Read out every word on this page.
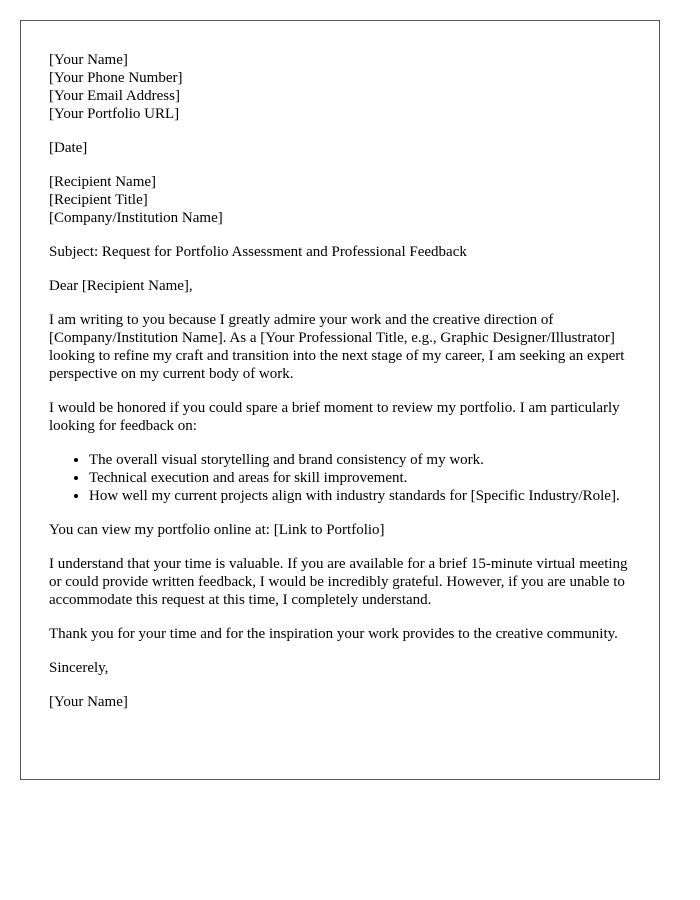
[Your Name]
[Your Phone Number]
[Your Email Address]
[Your Portfolio URL]

[Date]

[Recipient Name]
[Recipient Title]
[Company/Institution Name]

Subject: Request for Portfolio Assessment and Professional Feedback

Dear [Recipient Name],

I am writing to you because I greatly admire your work and the creative direction of [Company/Institution Name]. As a [Your Professional Title, e.g., Graphic Designer/Illustrator] looking to refine my craft and transition into the next stage of my career, I am seeking an expert perspective on my current body of work.

I would be honored if you could spare a brief moment to review my portfolio. I am particularly looking for feedback on:

• The overall visual storytelling and brand consistency of my work.
• Technical execution and areas for skill improvement.
• How well my current projects align with industry standards for [Specific Industry/Role].

You can view my portfolio online at: [Link to Portfolio]

I understand that your time is valuable. If you are available for a brief 15-minute virtual meeting or could provide written feedback, I would be incredibly grateful. However, if you are unable to accommodate this request at this time, I completely understand.

Thank you for your time and for the inspiration your work provides to the creative community.

Sincerely,

[Your Name]
